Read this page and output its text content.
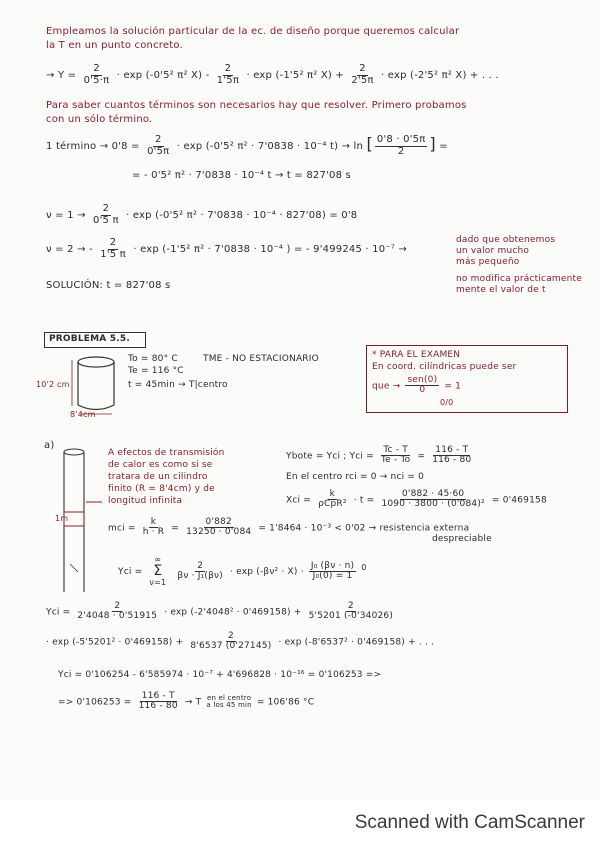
Empleamos la solución particular de la ec. de diseño porque queremos calcular
la T en un punto concreto.
→ $Y = \frac{2}{0'5\cdot\pi} \cdot \exp (-0'5^2$ π² $X) - \frac{2}{1'5\pi} \cdot \exp (-1'5^2$ π² $X) + \frac{2}{2'5\pi} \cdot \exp (-2'5^2$ π² X) + . . .
Para saber cuantos términos son necesarios hay que resolver. Primero probamos
con un sólo término.
1 término → $0'8 = \frac{2}{0'5\pi} \cdot \exp (-0'5^2$ π² · 7'0838 · 10⁻⁴ t) → ln [ $\frac{0'8 \cdot 0'5\pi}{2}$ ] =
= - 0'5² π² · 7'0838 · 10⁻⁴ t → t = 827'08 s
$\nu = 1 \to \frac{2}{0'5 \pi} \cdot \exp (-0'5^2$ π² · 7'0838 · 10⁻⁴ · 827'08) = 0'8
ν = 2 → - $\frac{2}{1'5 \pi} \cdot \exp (-1'5^2$ π² · 7'0838 · 10⁻⁴ ) = - 9'499245 · 10⁻⁷ →
dado que obtenemos
un valor mucho
más pequeño
no modifica prácticamente
mente el valor de t
SOLUCIÓN: t = 827'08 s
PROBLEMA 5.5.
10'2 cm
8'4cm
To = 80° C
Te = 116 °C
t = 45min → T|centro
TME - NO ESTACIONARIO	* PARA EL EXAMEN
En coord. cilíndricas puede ser
que → $\frac{\text{sen(0)}}{0} = 1$
0/0
a)
1m
A efectos de transmisión
de calor es como si se
tratara de un cilindro
finito (R = 8'4cm) y de
longitud infinita
Ybote = Yci ; Yci = $\frac{Tc - T}{Te - To} = \frac{116 - T}{116 - 80}$
En el centro rci = 0 → nci = 0
Xci = $\frac{k}{\text{ρCpR²}} \cdot t = \frac{0'882 \cdot 45\cdot 60}{\text{1090 · 3800 · (0'084)²}} = 0'469158$
mci = $\frac{k}{h \cdot R} = \frac{0'882}{13250 \cdot 0'084} = 1'8464 \cdot 10^{-3} < 0'02$ → resistencia externa
despreciable
Yci =
∞
Σ
ν=1

$\frac{2}{\text{βν · J₁(βν)}} \cdot \exp (-\beta\nu^2 \cdot X) \cdot \frac{\text{J₀ (βν · n)}}{\text{J₀(0) = 1}} ^0$
Yci = $\frac{2}{2'4048 \cdot 0'51915} \cdot \exp (-2'4048^2 \cdot 0'469158) + \frac{2}{5'5201 (-0'34026)}$
· $\exp (-5'5201^2 \cdot 0'469158) + \frac{2}{8'6537 (0'27145)} \cdot \exp (-8'6537^2 \cdot 0'469158)$ + . . .
Yci = 0'106254 - 6'585974 · 10⁻⁷ + 4'696828 · 10⁻¹⁶ = 0'106253 =>
=> $0'106253 = \frac{116 - T}{116 - 80} \to T$ en el centro
a los 45 min = 106'86 °C
Scanned with CamScanner
